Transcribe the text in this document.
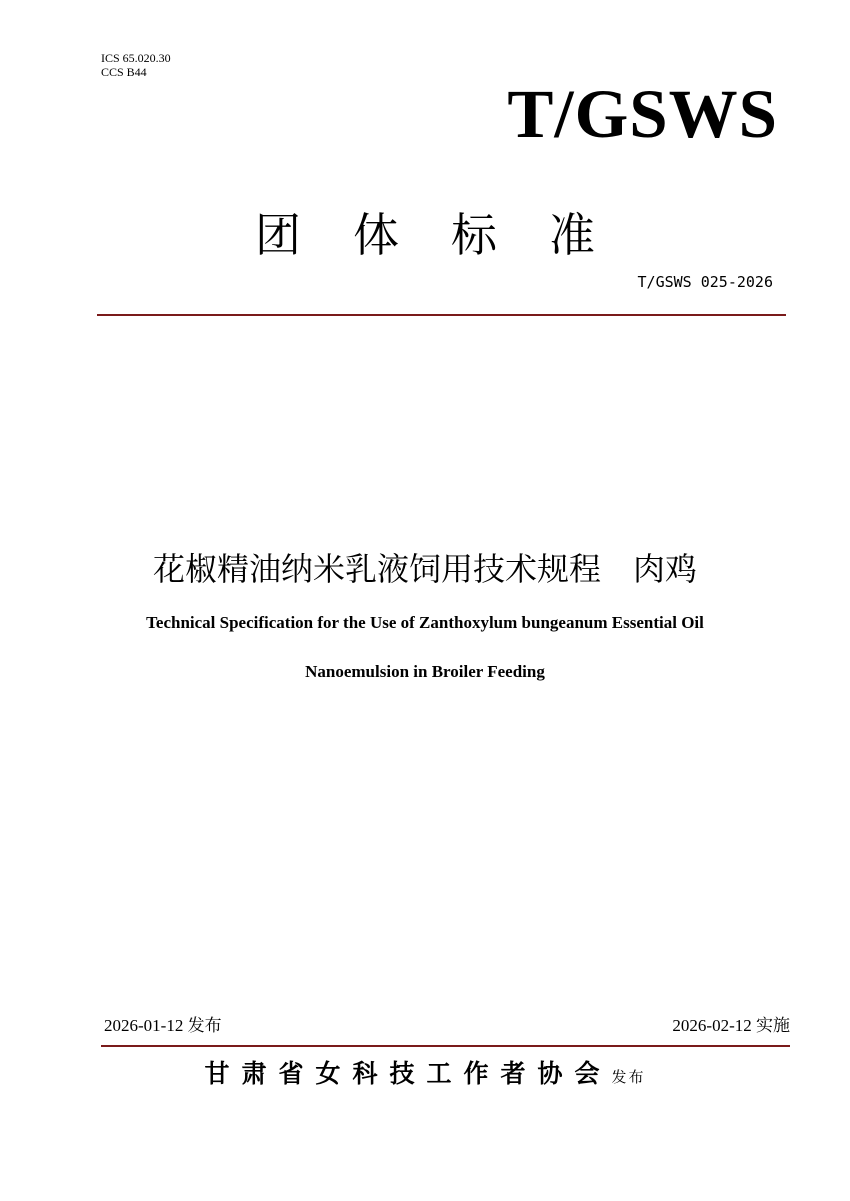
ICS 65.020.30
CCS B44
T/GSWS
团体标准
T/GSWS 025-2026
花椒精油纳米乳液饲用技术规程　肉鸡
Technical Specification for the Use of Zanthoxylum bungeanum Essential Oil
Nanoemulsion in Broiler Feeding
2026-01-12 发布	2026-02-12 实施
甘肃省女科技工作者协会发布
